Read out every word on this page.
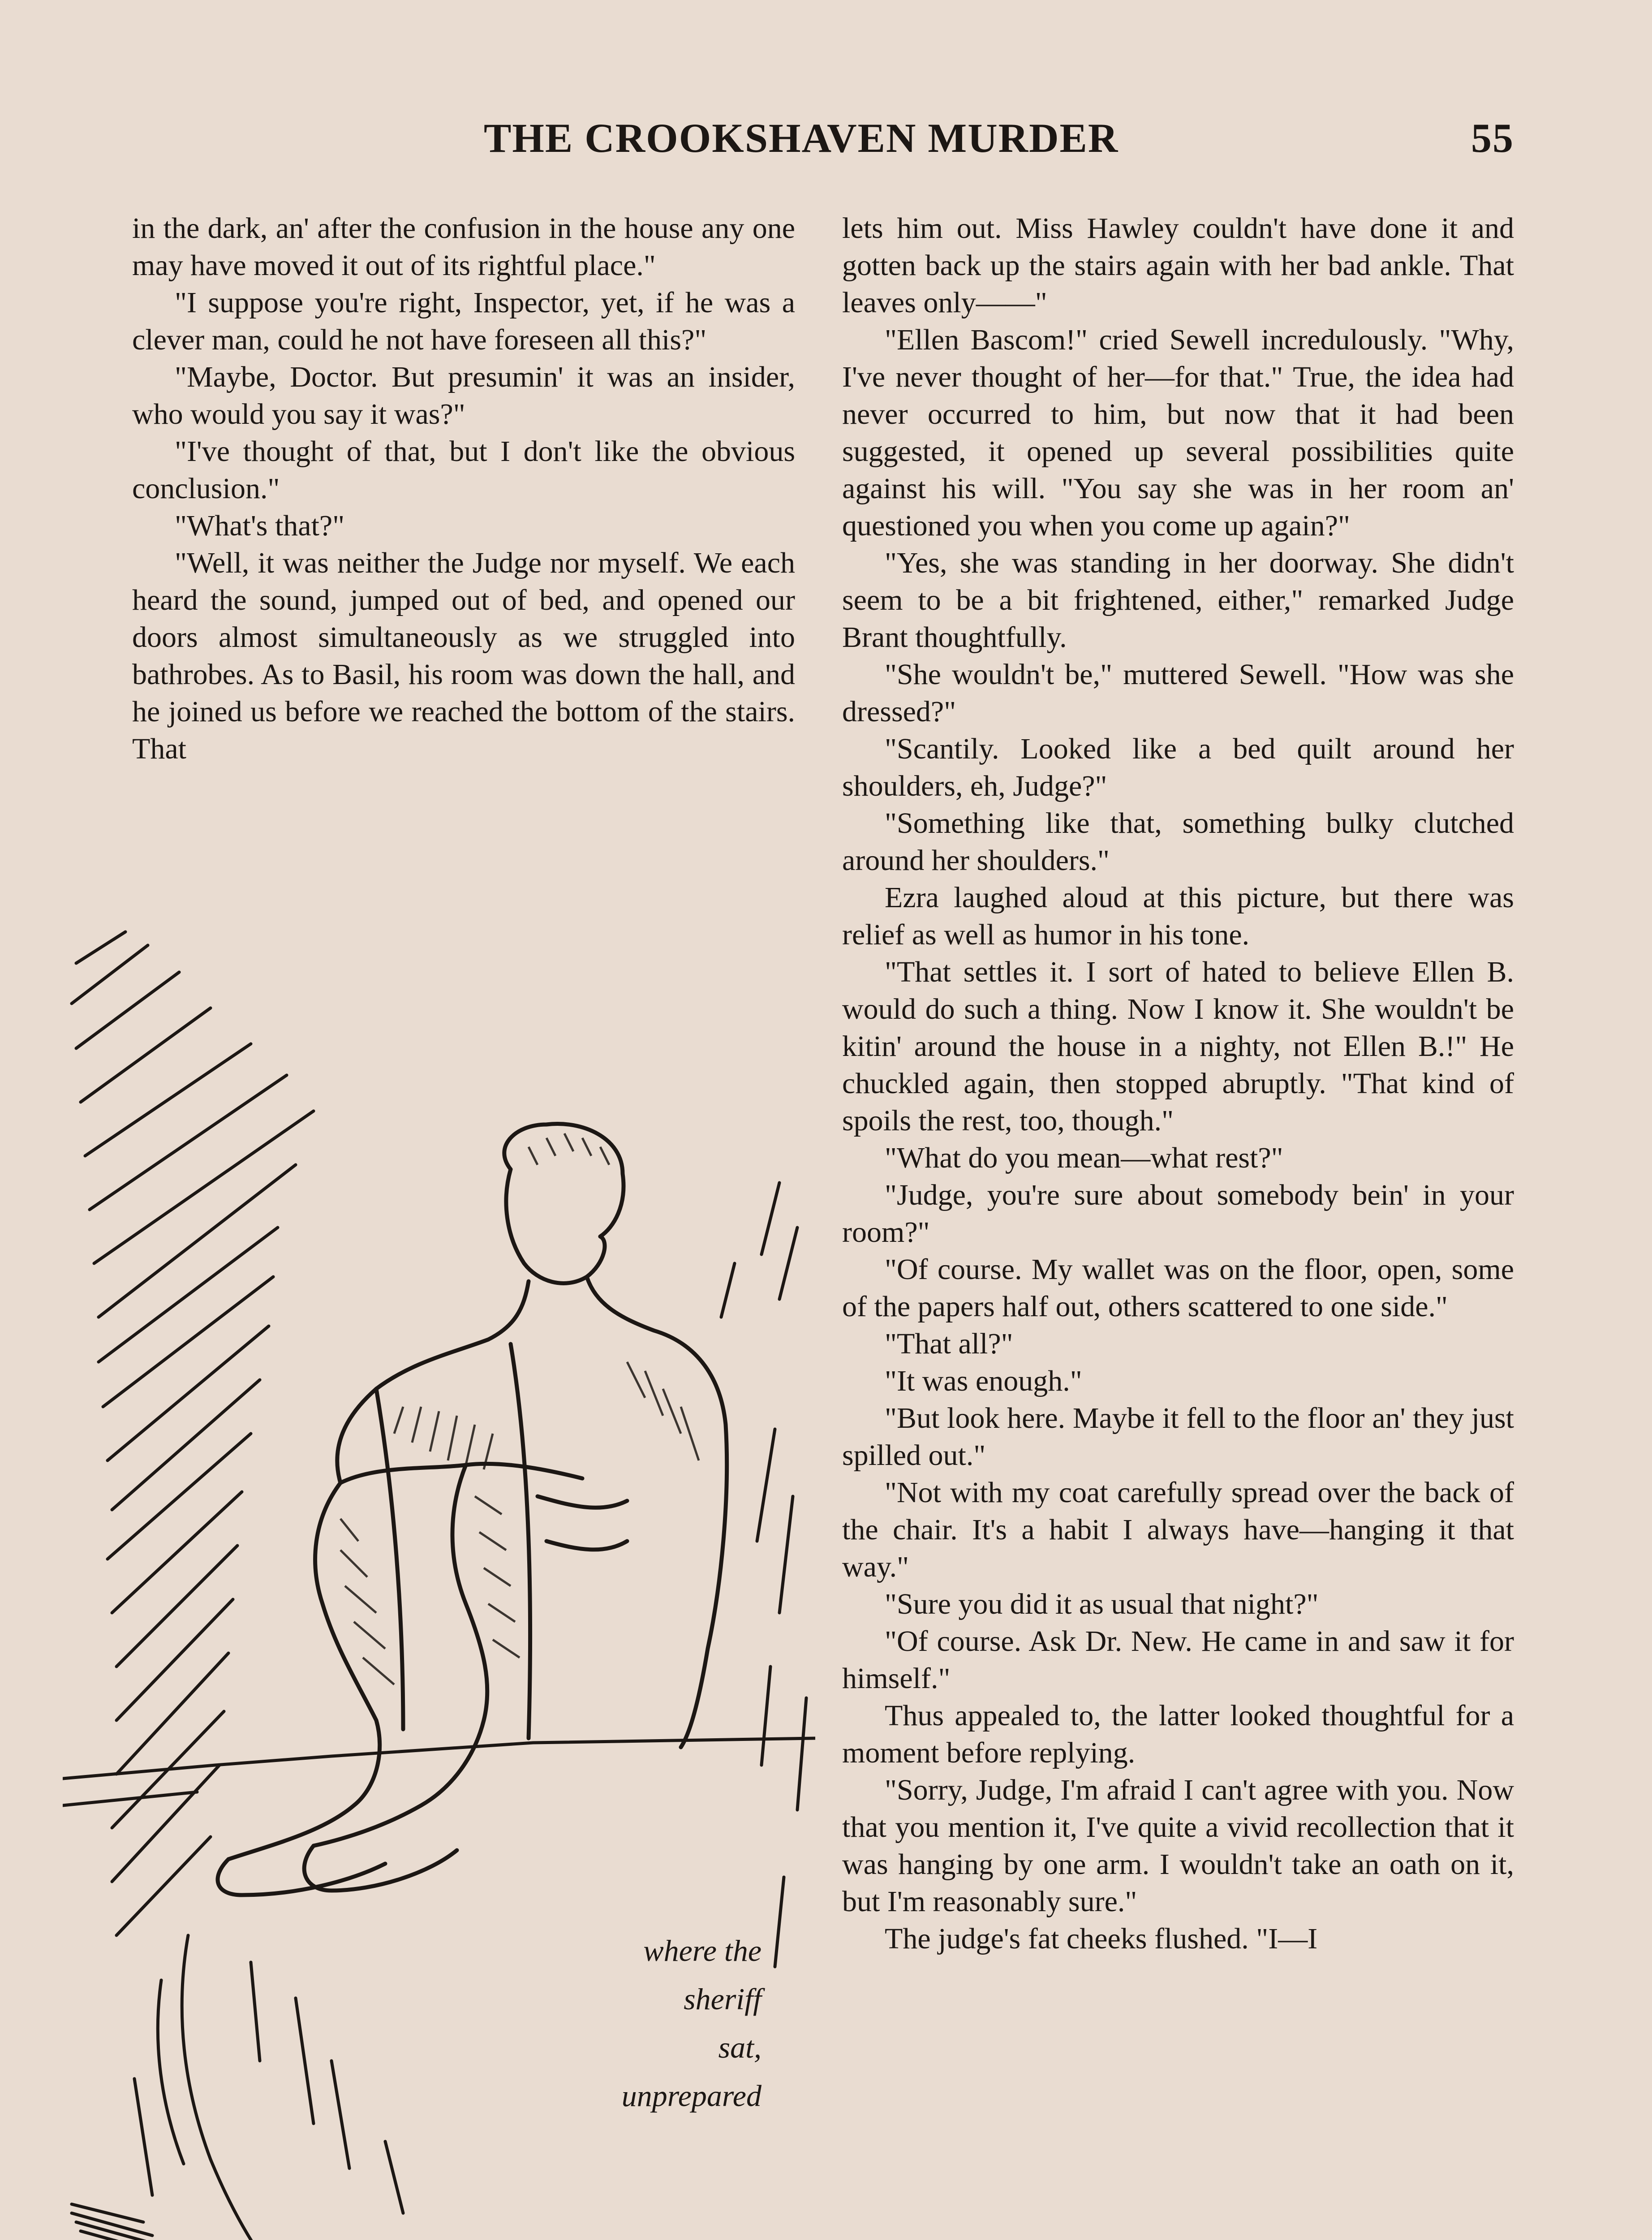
THE CROOKSHAVEN MURDER	55

in the dark, an' after the confusion in the house any one may have moved it out of its rightful place."

"I suppose you're right, Inspector, yet, if he was a clever man, could he not have foreseen all this?"

"Maybe, Doctor. But presumin' it was an insider, who would you say it was?"

"I've thought of that, but I don't like the obvious conclusion."

"What's that?"

"Well, it was neither the Judge nor myself. We each heard the sound, jumped out of bed, and opened our doors almost simultaneously as we struggled into bathrobes. As to Basil, his room was down the hall, and he joined us before we reached the bottom of the stairs. That

where the
sheriff
sat,
unprepared

lets him out. Miss Hawley couldn't have done it and gotten back up the stairs again with her bad ankle. That leaves only——"

"Ellen Bascom!" cried Sewell incredulously. "Why, I've never thought of her—for that." True, the idea had never occurred to him, but now that it had been suggested, it opened up several possibilities quite against his will. "You say she was in her room an' questioned you when you come up again?"

"Yes, she was standing in her doorway. She didn't seem to be a bit frightened, either," remarked Judge Brant thoughtfully.

"She wouldn't be," muttered Sewell. "How was she dressed?"

"Scantily. Looked like a bed quilt around her shoulders, eh, Judge?"

"Something like that, something bulky clutched around her shoulders."

Ezra laughed aloud at this picture, but there was relief as well as humor in his tone.

"That settles it. I sort of hated to believe Ellen B. would do such a thing. Now I know it. She wouldn't be kitin' around the house in a nighty, not Ellen B.!" He chuckled again, then stopped abruptly. "That kind of spoils the rest, too, though."

"What do you mean—what rest?"

"Judge, you're sure about somebody bein' in your room?"

"Of course. My wallet was on the floor, open, some of the papers half out, others scattered to one side."

"That all?"

"It was enough."

"But look here. Maybe it fell to the floor an' they just spilled out."

"Not with my coat carefully spread over the back of the chair. It's a habit I always have—hanging it that way."

"Sure you did it as usual that night?"

"Of course. Ask Dr. New. He came in and saw it for himself."

Thus appealed to, the latter looked thoughtful for a moment before replying.

"Sorry, Judge, I'm afraid I can't agree with you. Now that you mention it, I've quite a vivid recollection that it was hanging by one arm. I wouldn't take an oath on it, but I'm reasonably sure."

The judge's fat cheeks flushed. "I—I
